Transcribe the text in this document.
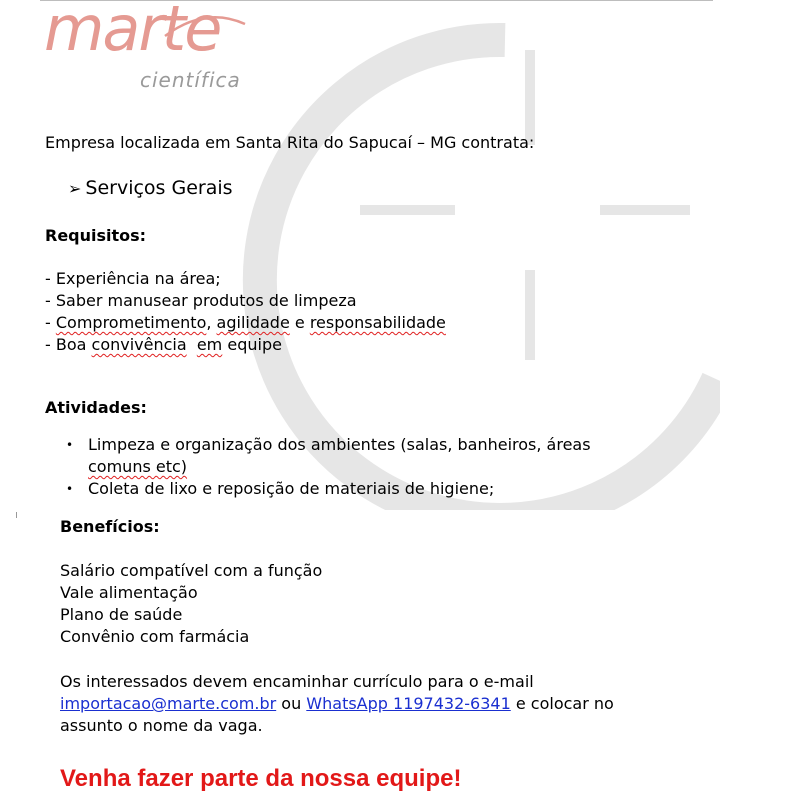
marte
científica
Empresa localizada em Santa Rita do Sapucaí – MG contrata:
➢ Serviços Gerais
Requisitos:
- Experiência na área;
- Saber manusear produtos de limpeza
- Comprometimento, agilidade e responsabilidade
- Boa convivência em equipe
Atividades:
• Limpeza e organização dos ambientes (salas, banheiros, áreas
comuns etc)
• Coleta de lixo e reposição de materiais de higiene;
Benefícios:
Salário compatível com a função
Vale alimentação
Plano de saúde
Convênio com farmácia
Os interessados devem encaminhar currículo para o e-mail
importacao@marte.com.br ou WhatsApp 1197432-6341 e colocar no
assunto o nome da vaga.
Venha fazer parte da nossa equipe!
